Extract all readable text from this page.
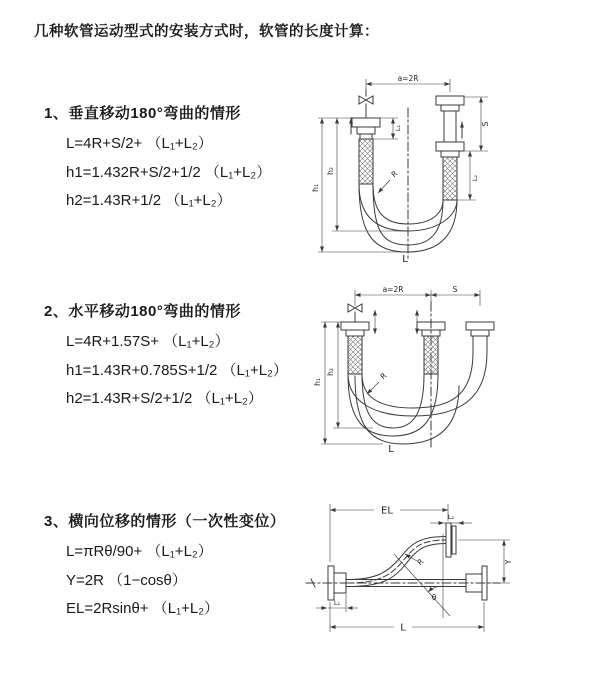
几种软管运动型式的安装方式时，软管的长度计算：
1、垂直移动180°弯曲的情形
L=4R+S/2+ （L₁+L₂）
h1=1.432R+S/2+1/2 （L₁+L₂）
h2=1.43R+1/2 （L₁+L₂）
2、水平移动180°弯曲的情形
L=4R+1.57S+ （L₁+L₂）
h1=1.43R+0.785S+1/2 （L₁+L₂）
h2=1.43R+S/2+1/2 （L₁+L₂）
3、横向位移的情形（一次性变位）
L=πRθ/90+ （L₁+L₂）
Y=2R （1−cosθ）
EL=2Rsinθ+ （L₁+L₂）
a=2R
L₁
S
L₂
h₁
h₂	R
L
a=2R	S
h₂
h₁
R
L
θ
R
EL
L₂
Y
L
L₁
